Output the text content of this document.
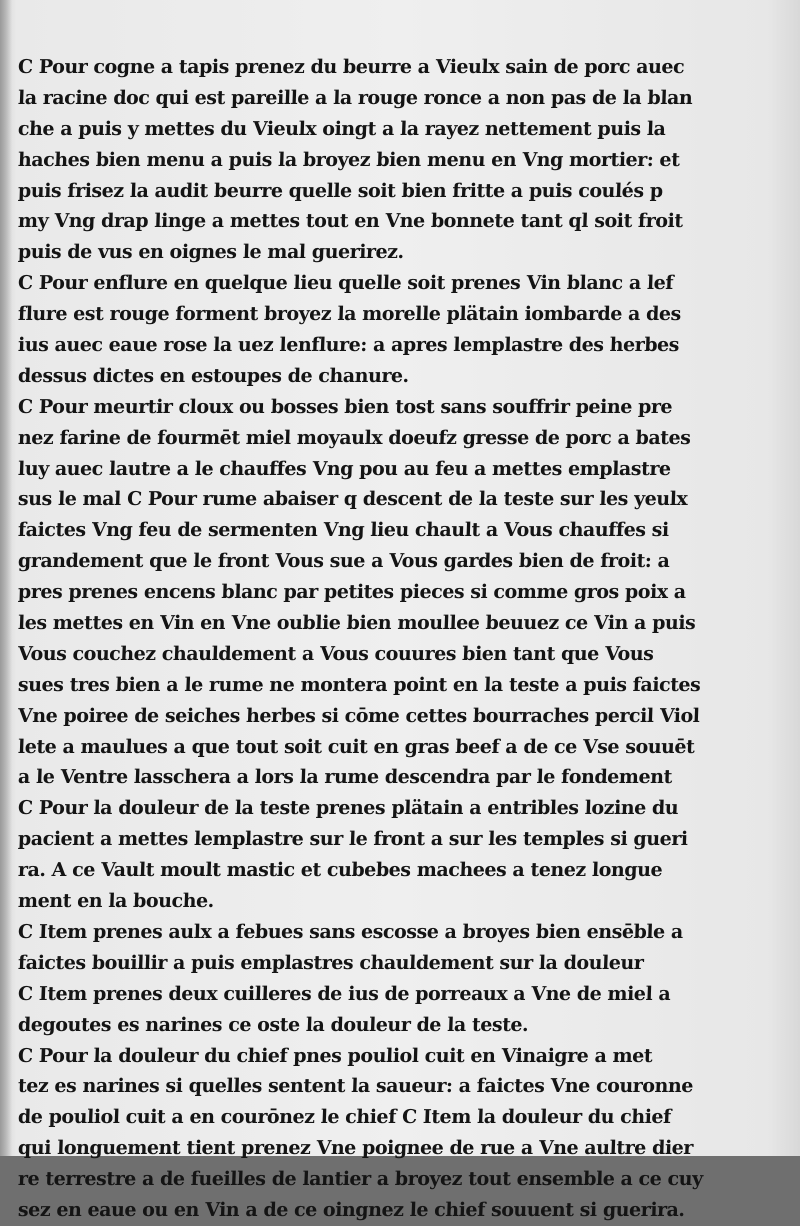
C Pour cogne a tapis prenez du beurre a Vieulx sain de porc auec
la racine doc qui est pareille a la rouge ronce a non pas de la blan
che a puis y mettes du Vieulx oingt a la rayez nettement puis la
haches bien menu a puis la broyez bien menu en Vng mortier: et
puis frisez la audit beurre quelle soit bien fritte a puis coulés p
my Vng drap linge a mettes tout en Vne bonnete tant ql soit froit
puis de vus en oignes le mal guerirez.
C Pour enflure en quelque lieu quelle soit prenes Vin blanc a lef
flure est rouge forment broyez la morelle plätain iombarde a des
ius auec eaue rose la uez lenflure: a apres lemplastre des herbes
dessus dictes en estoupes de chanure.
C Pour meurtir cloux ou bosses bien tost sans souffrir peine pre
nez farine de fourmēt miel moyaulx doeufz gresse de porc a bates
luy auec lautre a le chauffes Vng pou au feu a mettes emplastre
sus le mal C Pour rume abaiser q descent de la teste sur les yeulx
faictes Vng feu de sermenten Vng lieu chault a Vous chauffes si
grandement que le front Vous sue a Vous gardes bien de froit: a
pres prenes encens blanc par petites pieces si comme gros poix a
les mettes en Vin en Vne oublie bien moullee beuuez ce Vin a puis
Vous couchez chauldement a Vous couures bien tant que Vous
sues tres bien a le rume ne montera point en la teste a puis faictes
Vne poiree de seiches herbes si cōme cettes bourraches percil Viol
lete a maulues a que tout soit cuit en gras beef a de ce Vse souuēt
a le Ventre lasschera a lors la rume descendra par le fondement
C Pour la douleur de la teste prenes plätain a entribles lozine du
pacient a mettes lemplastre sur le front a sur les temples si gueri
ra. A ce Vault moult mastic et cubebes machees a tenez longue
ment en la bouche.
C Item prenes aulx a febues sans escosse a broyes bien ensēble a
faictes bouillir a puis emplastres chauldement sur la douleur
C Item prenes deux cuilleres de ius de porreaux a Vne de miel a
degoutes es narines ce oste la douleur de la teste.
C Pour la douleur du chief pnes pouliol cuit en Vinaigre a met
tez es narines si quelles sentent la saueur: a faictes Vne couronne
de pouliol cuit a en courōnez le chief C Item la douleur du chief
qui longuement tient prenez Vne poignee de rue a Vne aultre dier
re terrestre a de fueilles de lantier a broyez tout ensemble a ce cuy
sez en eaue ou en Vin a de ce oingnez le chief souuent si guerira.
